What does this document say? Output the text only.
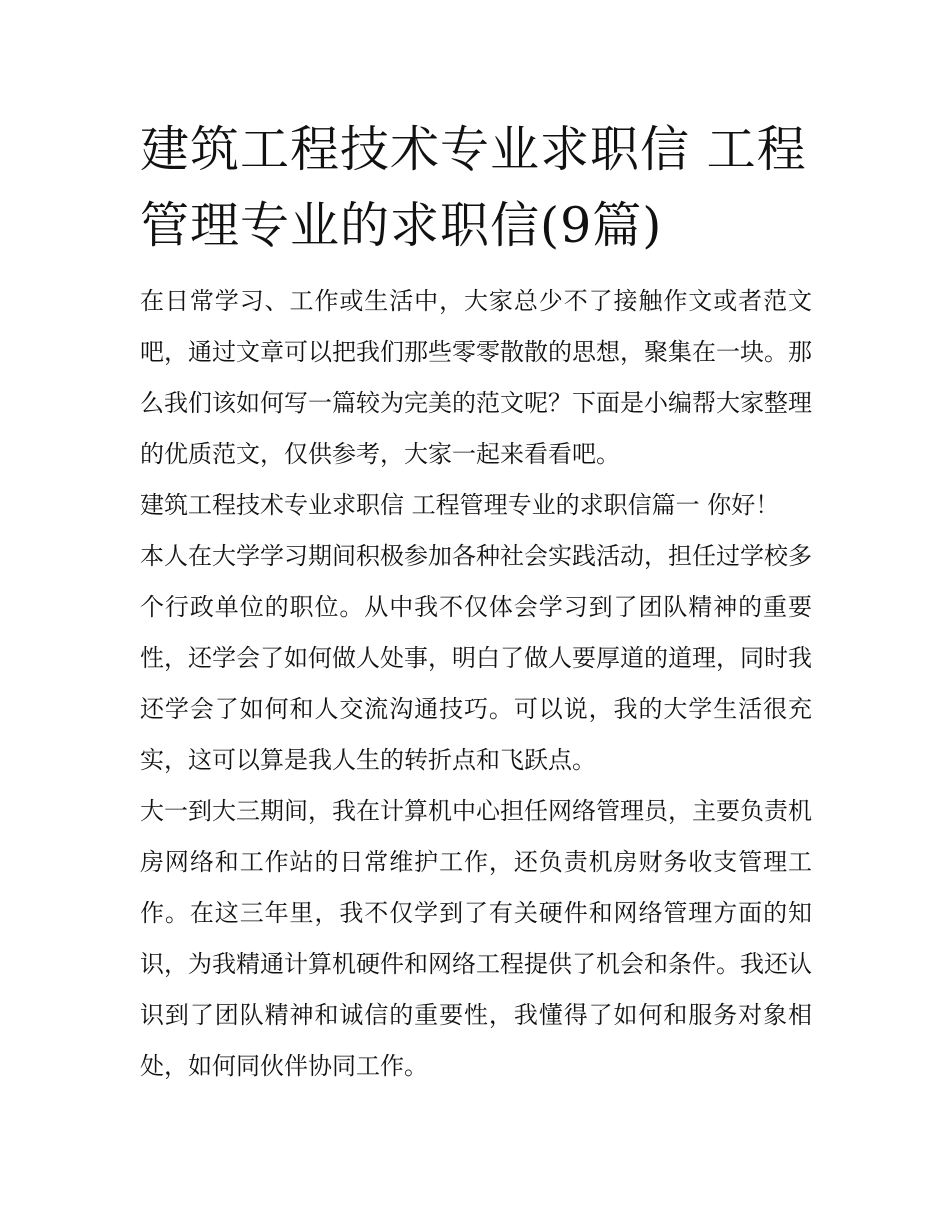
建筑工程技术专业求职信 工程管理专业的求职信(9篇)

在日常学习、工作或生活中，大家总少不了接触作文或者范文吧，通过文章可以把我们那些零零散散的思想，聚集在一块。那么我们该如何写一篇较为完美的范文呢？下面是小编帮大家整理的优质范文，仅供参考，大家一起来看看吧。

建筑工程技术专业求职信 工程管理专业的求职信篇一 你好！

本人在大学学习期间积极参加各种社会实践活动，担任过学校多个行政单位的职位。从中我不仅体会学习到了团队精神的重要性，还学会了如何做人处事，明白了做人要厚道的道理，同时我还学会了如何和人交流沟通技巧。可以说，我的大学生活很充实，这可以算是我人生的转折点和飞跃点。

大一到大三期间，我在计算机中心担任网络管理员，主要负责机房网络和工作站的日常维护工作，还负责机房财务收支管理工作。在这三年里，我不仅学到了有关硬件和网络管理方面的知识，为我精通计算机硬件和网络工程提供了机会和条件。我还认识到了团队精神和诚信的重要性，我懂得了如何和服务对象相处，如何同伙伴协同工作。
